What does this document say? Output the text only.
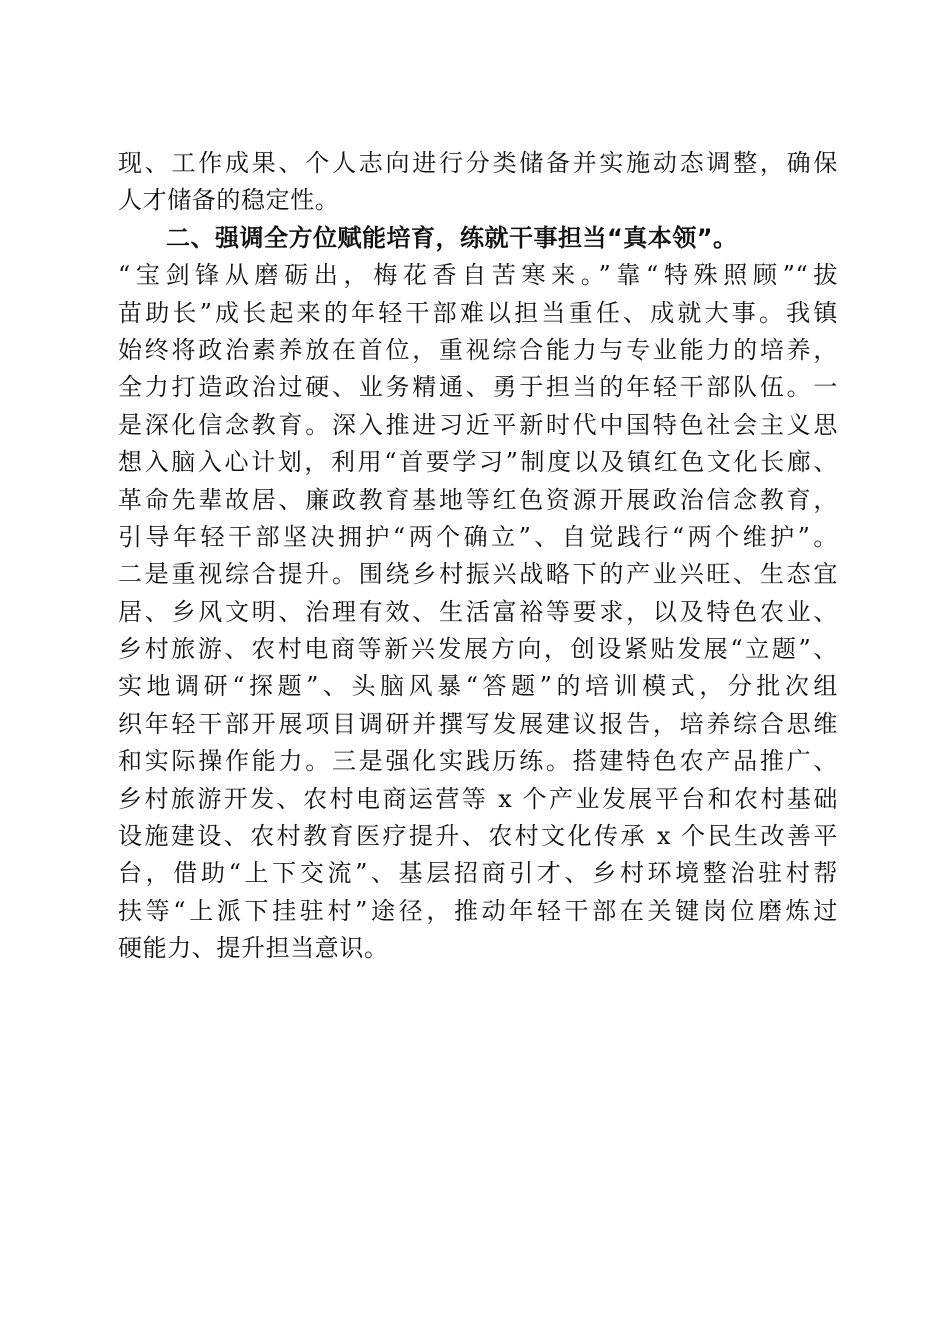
现、工作成果、个人志向进行分类储备并实施动态调整，确保
人才储备的稳定性。
二、强调全方位赋能培育，练就干事担当“真本领”。
“宝剑锋从磨砺出，梅花香自苦寒来。”靠“特殊照顾”“拔
苗助长”成长起来的年轻干部难以担当重任、成就大事。我镇
始终将政治素养放在首位，重视综合能力与专业能力的培养，
全力打造政治过硬、业务精通、勇于担当的年轻干部队伍。一
是深化信念教育。深入推进习近平新时代中国特色社会主义思
想入脑入心计划，利用“首要学习”制度以及镇红色文化长廊、
革命先辈故居、廉政教育基地等红色资源开展政治信念教育，
引导年轻干部坚决拥护“两个确立”、自觉践行“两个维护”。
二是重视综合提升。围绕乡村振兴战略下的产业兴旺、生态宜
居、乡风文明、治理有效、生活富裕等要求，以及特色农业、
乡村旅游、农村电商等新兴发展方向，创设紧贴发展“立题”、
实地调研“探题”、头脑风暴“答题”的培训模式，分批次组
织年轻干部开展项目调研并撰写发展建议报告，培养综合思维
和实际操作能力。三是强化实践历练。搭建特色农产品推广、
乡村旅游开发、农村电商运营等 x 个产业发展平台和农村基础
设施建设、农村教育医疗提升、农村文化传承 x 个民生改善平
台，借助“上下交流”、基层招商引才、乡村环境整治驻村帮
扶等“上派下挂驻村”途径，推动年轻干部在关键岗位磨炼过
硬能力、提升担当意识。
